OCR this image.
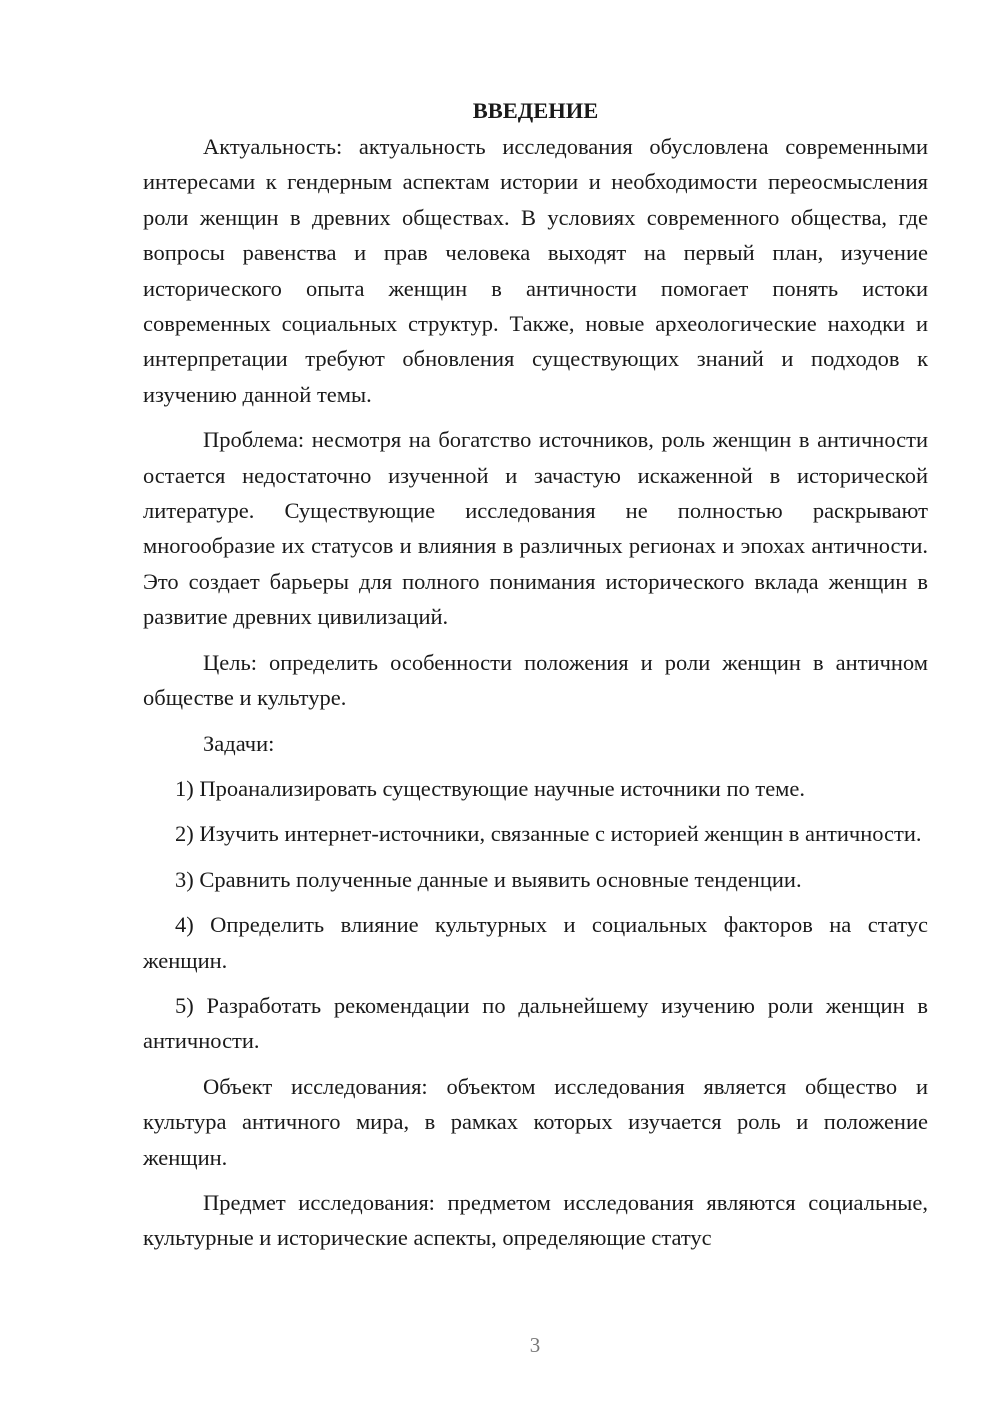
ВВЕДЕНИЕ

Актуальность: актуальность исследования обусловлена современными интересами к гендерным аспектам истории и необходимости переосмысления роли женщин в древних обществах. В условиях современного общества, где вопросы равенства и прав человека выходят на первый план, изучение исторического опыта женщин в античности помогает понять истоки современных социальных структур. Также, новые археологические находки и интерпретации требуют обновления существующих знаний и подходов к изучению данной темы.

Проблема: несмотря на богатство источников, роль женщин в античности остается недостаточно изученной и зачастую искаженной в исторической литературе. Существующие исследования не полностью раскрывают многообразие их статусов и влияния в различных регионах и эпохах античности. Это создает барьеры для полного понимания исторического вклада женщин в развитие древних цивилизаций.

Цель: определить особенности положения и роли женщин в античном обществе и культуре.

Задачи:

1) Проанализировать существующие научные источники по теме.

2) Изучить интернет-источники, связанные с историей женщин в античности.

3) Сравнить полученные данные и выявить основные тенденции.

4) Определить влияние культурных и социальных факторов на статус женщин.

5) Разработать рекомендации по дальнейшему изучению роли женщин в античности.

Объект исследования: объектом исследования является общество и культура античного мира, в рамках которых изучается роль и положение женщин.

Предмет исследования: предметом исследования являются социальные, культурные и исторические аспекты, определяющие статус

3
